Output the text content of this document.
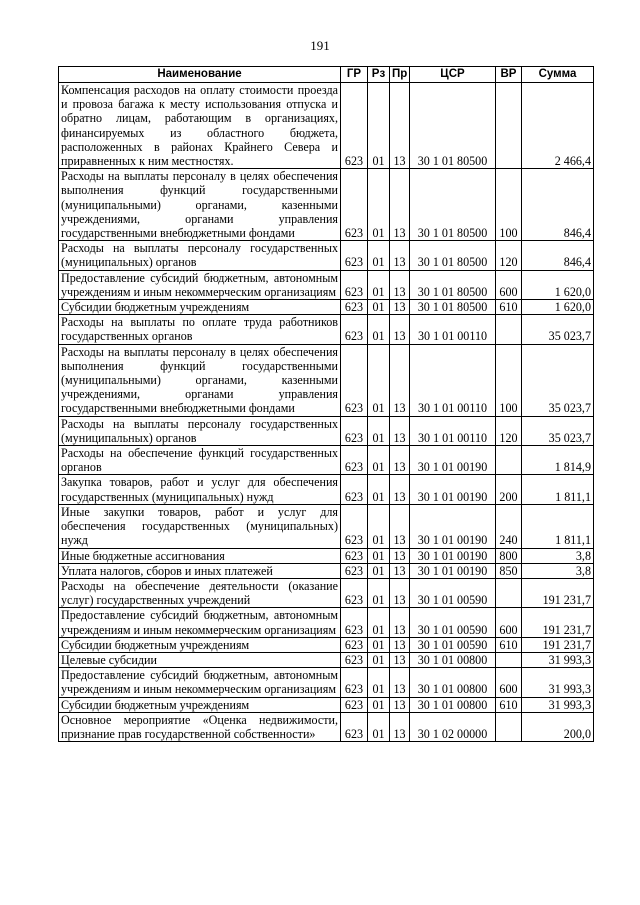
191
Наименование	ГР	Рз	Пр	ЦСР	ВР	Сумма
Компенсация расходов на оплату стоимости проезда и провоза багажа к месту использования отпуска и обратно лицам, работающим в организациях, финансируемых из областного бюджета, расположенных в районах Крайнего Севера и приравненных к ним местностях.	623	01	13	30 1 01 80500		2 466,4
Расходы на выплаты персоналу в целях обеспечения выполнения функций государственными (муниципальными) органами, казенными учреждениями, органами управления государственными внебюджетными фондами	623	01	13	30 1 01 80500	100	846,4
Расходы на выплаты персоналу государственных (муниципальных) органов	623	01	13	30 1 01 80500	120	846,4
Предоставление субсидий бюджетным, автономным учреждениям и иным некоммерческим организациям	623	01	13	30 1 01 80500	600	1 620,0
Субсидии бюджетным учреждениям	623	01	13	30 1 01 80500	610	1 620,0
Расходы на выплаты по оплате труда работников государственных органов	623	01	13	30 1 01 00110		35 023,7
Расходы на выплаты персоналу в целях обеспечения выполнения функций государственными (муниципальными) органами, казенными учреждениями, органами управления государственными внебюджетными фондами	623	01	13	30 1 01 00110	100	35 023,7
Расходы на выплаты персоналу государственных (муниципальных) органов	623	01	13	30 1 01 00110	120	35 023,7
Расходы на обеспечение функций государственных органов	623	01	13	30 1 01 00190		1 814,9
Закупка товаров, работ и услуг для обеспечения государственных (муниципальных) нужд	623	01	13	30 1 01 00190	200	1 811,1
Иные закупки товаров, работ и услуг для обеспечения государственных (муниципальных) нужд	623	01	13	30 1 01 00190	240	1 811,1
Иные бюджетные ассигнования	623	01	13	30 1 01 00190	800	3,8
Уплата налогов, сборов и иных платежей	623	01	13	30 1 01 00190	850	3,8
Расходы на обеспечение деятельности (оказание услуг) государственных учреждений	623	01	13	30 1 01 00590		191 231,7
Предоставление субсидий бюджетным, автономным учреждениям и иным некоммерческим организациям	623	01	13	30 1 01 00590	600	191 231,7
Субсидии бюджетным учреждениям	623	01	13	30 1 01 00590	610	191 231,7
Целевые субсидии	623	01	13	30 1 01 00800		31 993,3
Предоставление субсидий бюджетным, автономным учреждениям и иным некоммерческим организациям	623	01	13	30 1 01 00800	600	31 993,3
Субсидии бюджетным учреждениям	623	01	13	30 1 01 00800	610	31 993,3
Основное мероприятие «Оценка недвижимости, признание прав государственной собственности»	623	01	13	30 1 02 00000		200,0
